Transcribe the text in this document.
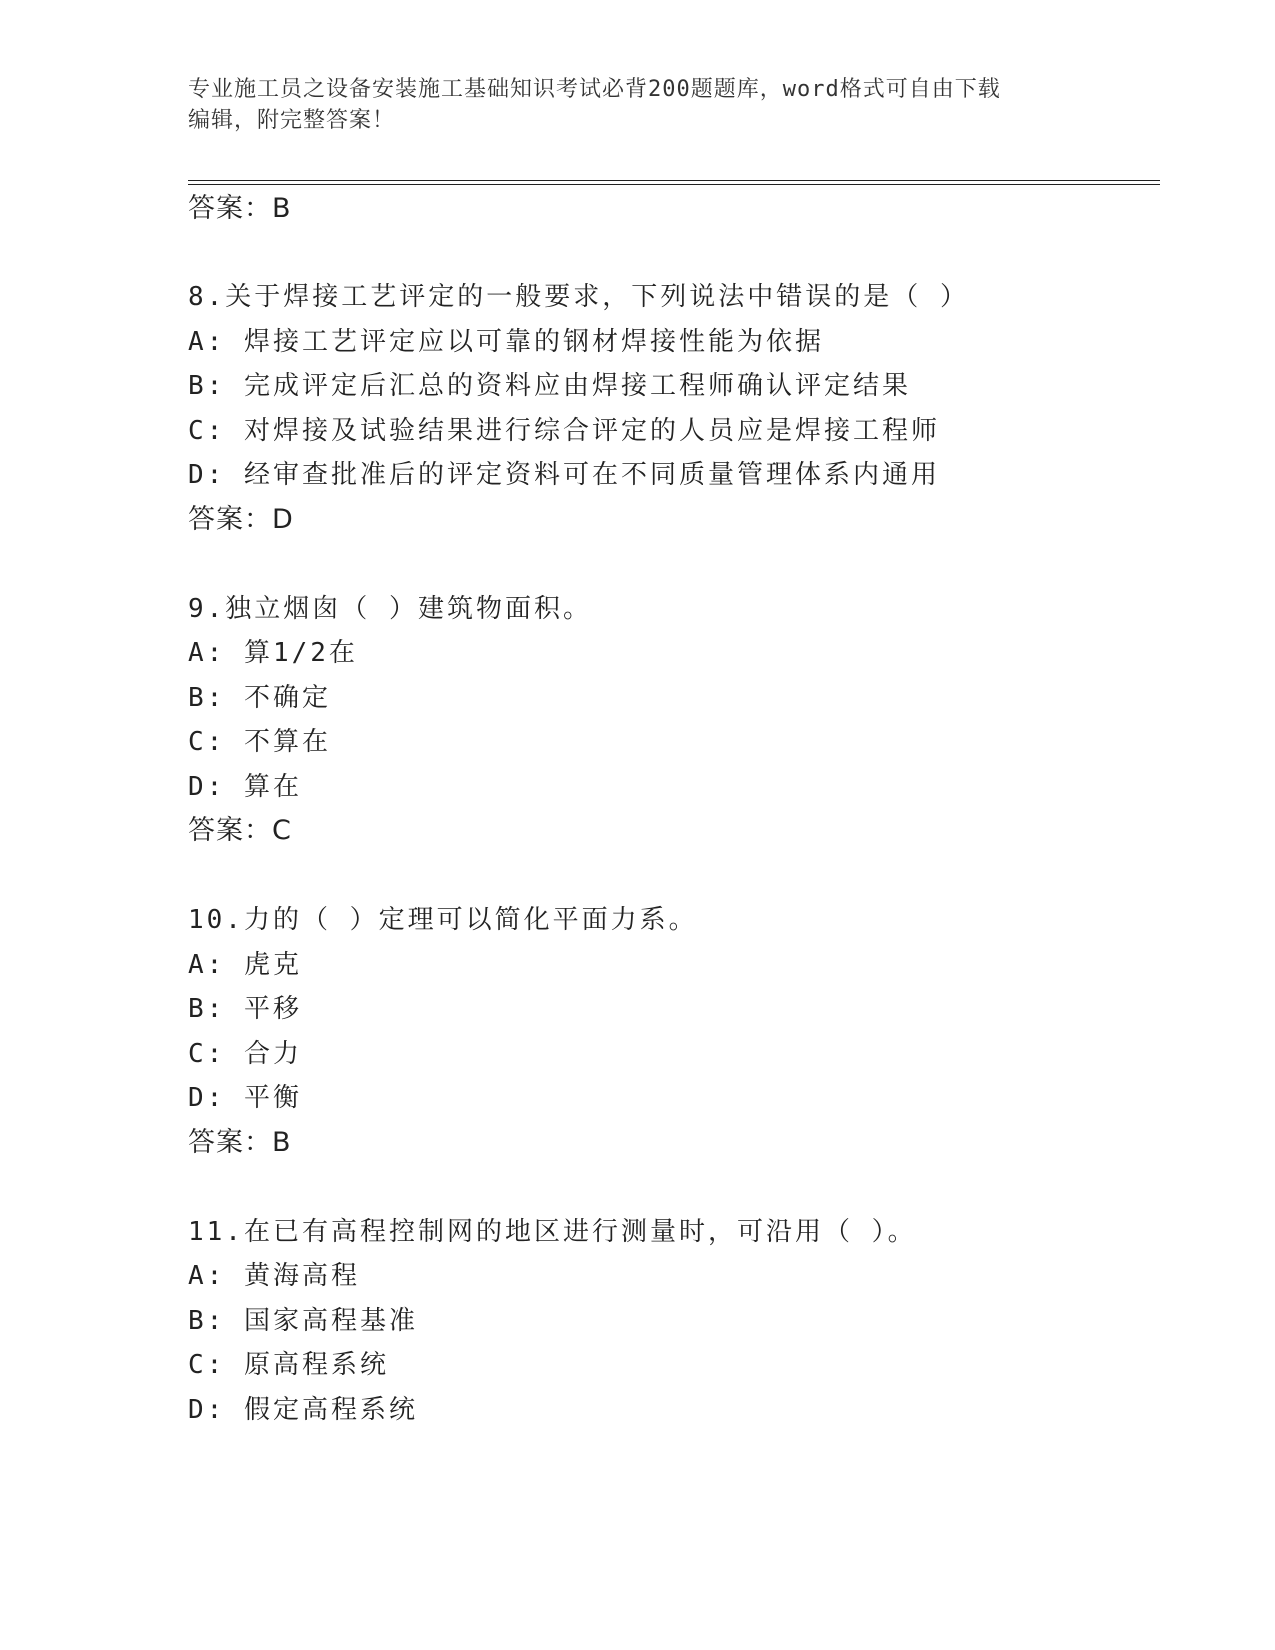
专业施工员之设备安装施工基础知识考试必背200题题库，word格式可自由下载
编辑，附完整答案！
答案：B
8.关于焊接工艺评定的一般要求，下列说法中错误的是（ ）
A: 焊接工艺评定应以可靠的钢材焊接性能为依据
B: 完成评定后汇总的资料应由焊接工程师确认评定结果
C: 对焊接及试验结果进行综合评定的人员应是焊接工程师
D: 经审查批准后的评定资料可在不同质量管理体系内通用
答案：D
9.独立烟囱（ ）建筑物面积。
A: 算1/2在
B: 不确定
C: 不算在
D: 算在
答案：C
10.力的（ ）定理可以简化平面力系。
A: 虎克
B: 平移
C: 合力
D: 平衡
答案：B
11.在已有高程控制网的地区进行测量时，可沿用（ ）。
A: 黄海高程
B: 国家高程基准
C: 原高程系统
D: 假定高程系统
